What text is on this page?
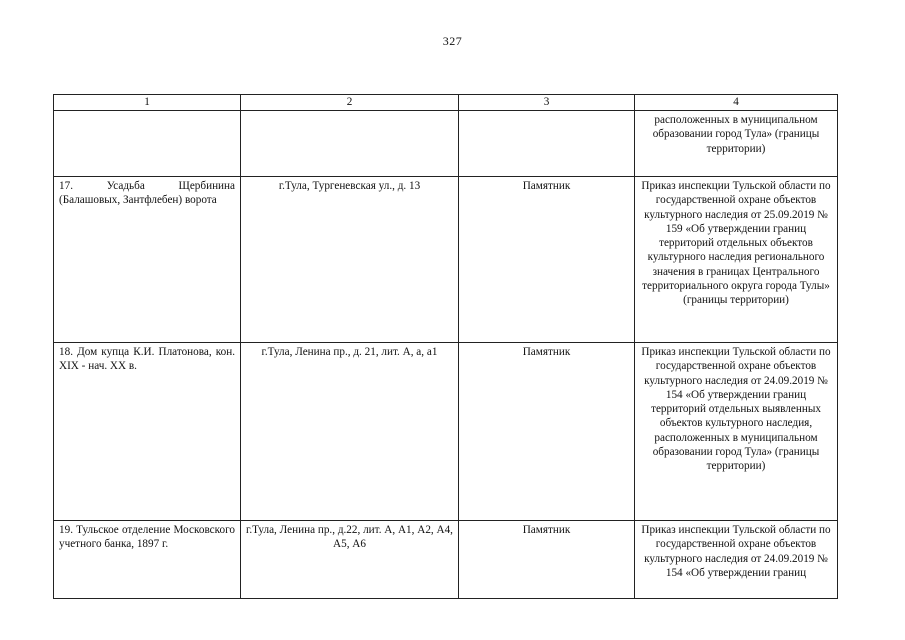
327
1	2	3	4
			расположенных в муниципальном образовании город Тула» (границы территории)
17. Усадьба Щербинина (Балашовых, Зантфлебен) ворота	г.Тула, Тургеневская ул., д. 13	Памятник	Приказ инспекции Тульской области по государственной охране объектов культурного наследия от 25.09.2019 № 159 «Об утверждении границ территорий отдельных объектов культурного наследия регионального значения в границах Центрального территориального округа города Тулы» (границы территории)
18. Дом купца К.И. Платонова, кон. XIX - нач. XX в.	г.Тула, Ленина пр., д. 21, лит. А, а, а1	Памятник	Приказ инспекции Тульской области по государственной охране объектов культурного наследия от 24.09.2019 № 154 «Об утверждении границ территорий отдельных выявленных объектов культурного наследия, расположенных в муниципальном образовании город Тула» (границы территории)
19. Тульское отделение Московского учетного банка, 1897 г.	г.Тула, Ленина пр., д.22, лит. А, А1, А2, А4, А5, А6	Памятник	Приказ инспекции Тульской области по государственной охране объектов культурного наследия от 24.09.2019 № 154 «Об утверждении границ
